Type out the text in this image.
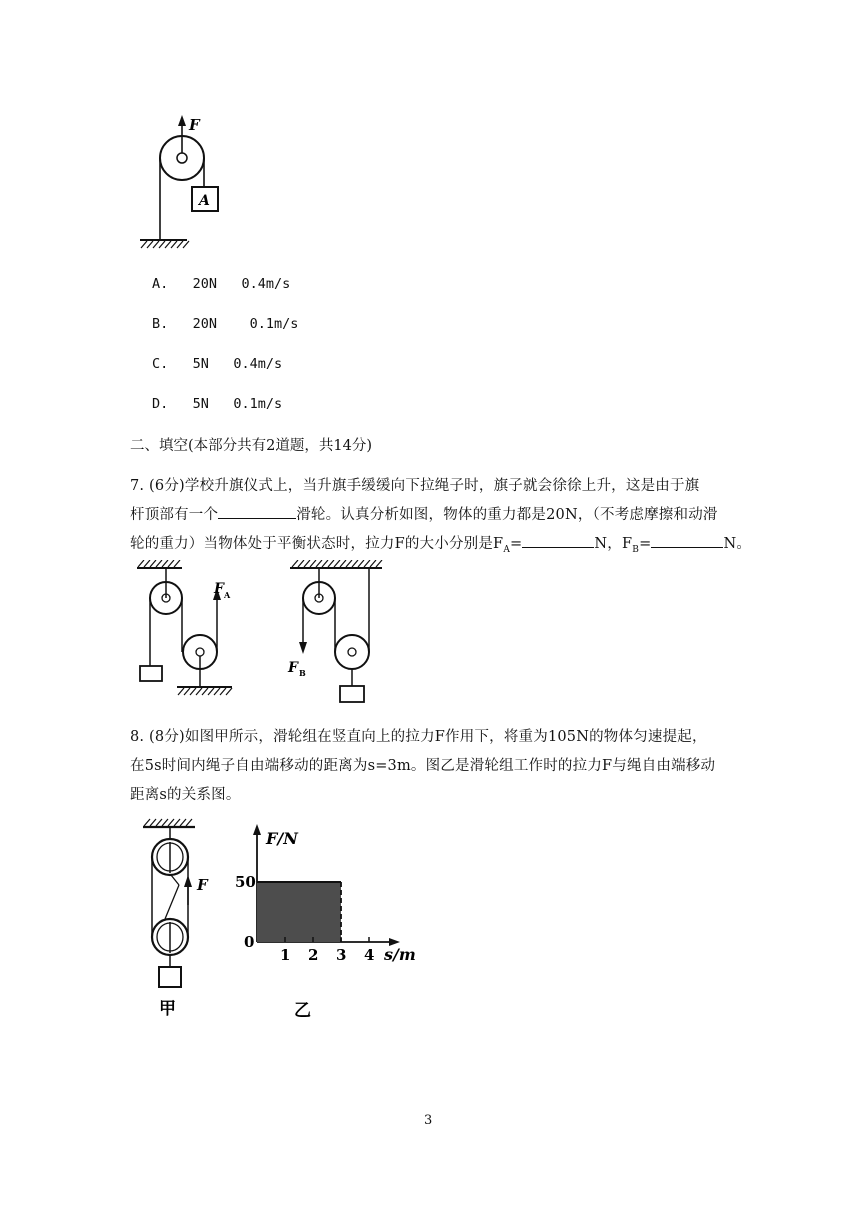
F
A
A. 20N 0.4m/s
B. 20N 0.1m/s
C. 5N 0.4m/s
D. 5N 0.1m/s
二、填空(本部分共有2道题，共14分)
7. (6分)学校升旗仪式上，当升旗手缓缓向下拉绳子时，旗子就会徐徐上升，这是由于旗
杆顶部有一个	滑轮。认真分析如图，物体的重力都是20N，（不考虑摩擦和动滑
轮的重力）当物体处于平衡状态时，拉力F的大小分别是$F_A=$	N，$F_B=$	N。
F A
F B
8. (8分)如图甲所示，滑轮组在竖直向上的拉力F作用下，将重为105N的物体匀速提起，
在5s时间内绳子自由端移动的距离为s=3m。图乙是滑轮组工作时的拉力F与绳自由端移动
距离s的关系图。
F
甲
F/N
s/m
1 2 3 4
0
50
乙
3
